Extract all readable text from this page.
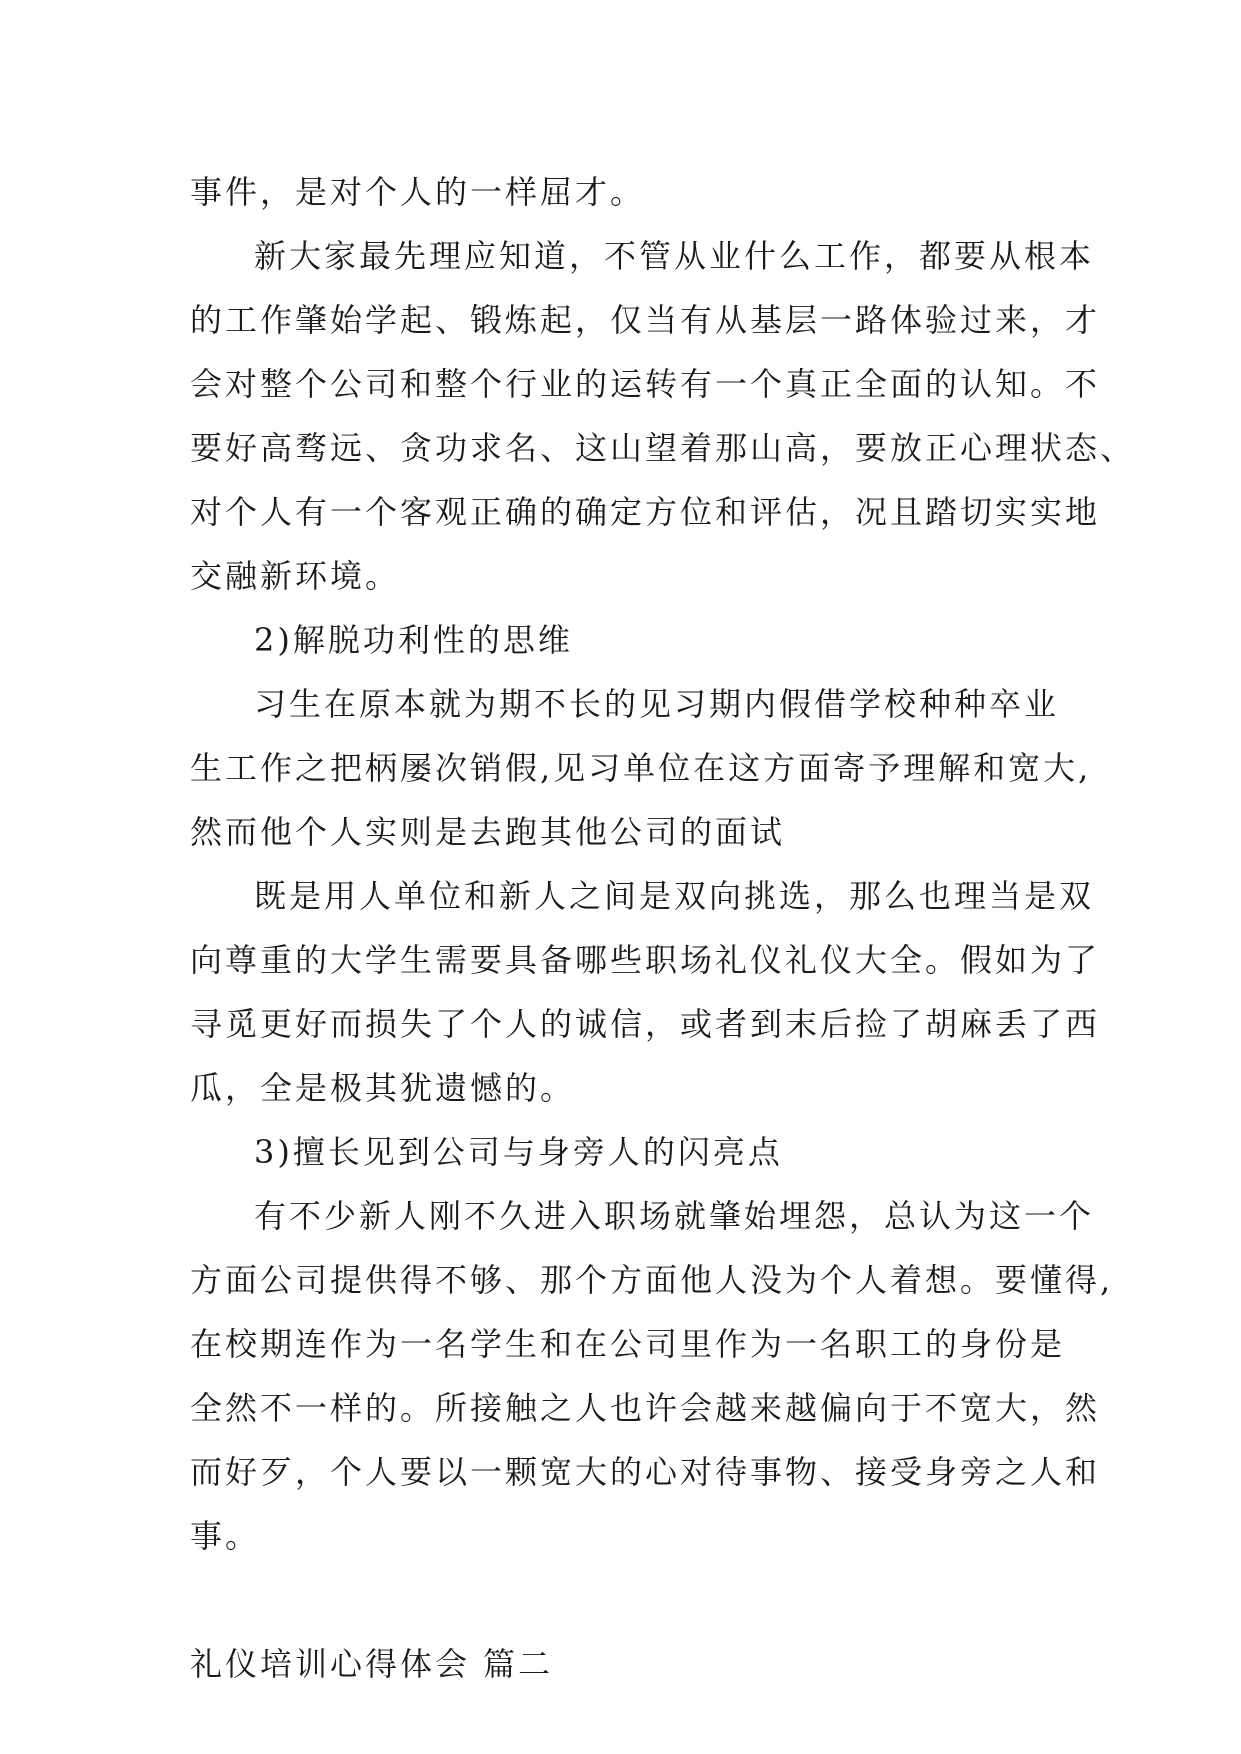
事件，是对个人的一样屈才。
新大家最先理应知道，不管从业什么工作，都要从根本
的工作肇始学起、锻炼起，仅当有从基层一路体验过来，才
会对整个公司和整个行业的运转有一个真正全面的认知。不
要好高骛远、贪功求名、这山望着那山高，要放正心理状态、
对个人有一个客观正确的确定方位和评估，况且踏切实实地
交融新环境。
2)解脱功利性的思维
习生在原本就为期不长的见习期内假借学校种种卒业
生工作之把柄屡次销假,见习单位在这方面寄予理解和宽大,
然而他个人实则是去跑其他公司的面试
既是用人单位和新人之间是双向挑选，那么也理当是双
向尊重的大学生需要具备哪些职场礼仪礼仪大全。假如为了
寻觅更好而损失了个人的诚信，或者到末后捡了胡麻丢了西
瓜，全是极其犹遗憾的。
3)擅长见到公司与身旁人的闪亮点
有不少新人刚不久进入职场就肇始埋怨，总认为这一个
方面公司提供得不够、那个方面他人没为个人着想。要懂得,
在校期连作为一名学生和在公司里作为一名职工的身份是
全然不一样的。所接触之人也许会越来越偏向于不宽大，然
而好歹，个人要以一颗宽大的心对待事物、接受身旁之人和
事。
礼仪培训心得体会 篇二
